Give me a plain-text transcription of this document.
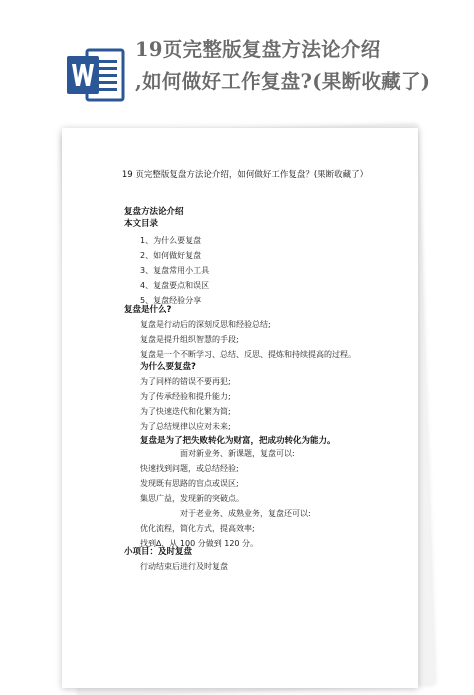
19页完整版复盘方法论介绍
,如何做好工作复盘?(果断收藏了)
19 页完整版复盘方法论介绍，如何做好工作复盘？(果断收藏了）
复盘方法论介绍
本文目录
1、为什么要复盘
2、如何做好复盘
3、复盘常用小工具
4、复盘要点和误区
5、复盘经验分享
复盘是什么?
复盘是行动后的深刻反思和经验总结;
复盘是提升组织智慧的手段;
复盘是一个不断学习、总结、反思、提炼和持续提高的过程。
为什么要复盘?
为了同样的错误不要再犯;
为了传承经验和提升能力;
为了快速迭代和化繁为简;
为了总结规律以应对未来;
复盘是为了把失败转化为财富，把成功转化为能力。
面对新业务、新课题，复盘可以:
快速找到问题，或总结经验;
发现既有思路的盲点或误区;
集思广益，发现新的突破点。
对于老业务、成熟业务，复盘还可以:
优化流程，简化方式，提高效率;
找到∆，从 100 分做到 120 分。
小项目：及时复盘
行动结束后进行及时复盘
